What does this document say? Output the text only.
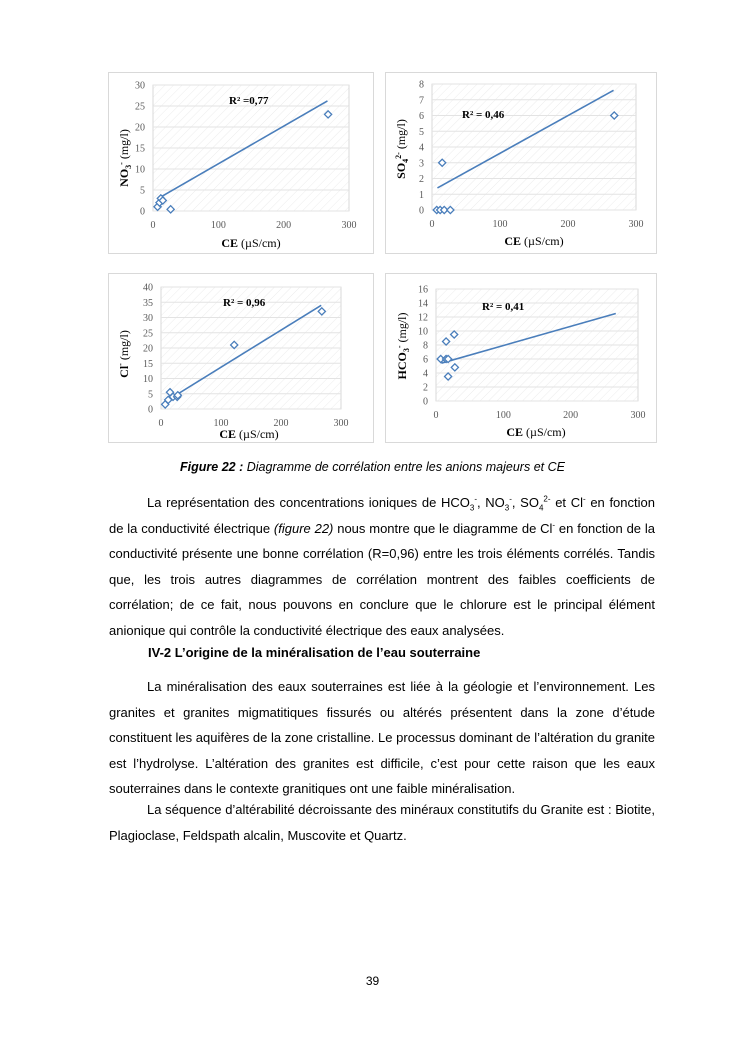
0
5
10
15
20
25
30
0	100	200	300
R² =0,77
CE (µS/cm)
$NO_3^-$ (mg/l)
0
1
2
3
4
5
6
7
8
0	100	200	300
R² = 0,46
CE (µS/cm)
$SO_4^{2-}$ (mg/l)
0
5
10
15
20
25
30
35
40
0	100	200	300
R² = 0,96
CE (µS/cm)
Cl- (mg/l)
0
2
4
6
8
10
12
14
16
0	100	200	300
R² = 0,41
CE (µS/cm)
$HCO_3^-$ (mg/l)
Figure 22 : Diagramme de corrélation entre les anions majeurs et CE

La représentation des concentrations ioniques de $HCO_3^-$, $NO_3^-$, $SO_4^{2-}$ et Cl- en fonction de la conductivité électrique (figure 22) nous montre que le diagramme de Cl- en fonction de la conductivité présente une bonne corrélation (R=0,96) entre les trois éléments corrélés. Tandis que, les trois autres diagrammes de corrélation montrent des faibles coefficients de corrélation; de ce fait, nous pouvons en conclure que le chlorure est le principal élément anionique qui contrôle la conductivité électrique des eaux analysées.

IV-2 L’origine de la minéralisation de l’eau souterraine

La minéralisation des eaux souterraines est liée à la géologie et l’environnement. Les granites et granites migmatitiques fissurés ou altérés présentent dans la zone d’étude constituent les aquifères de la zone cristalline. Le processus dominant de l’altération du granite est l’hydrolyse. L’altération des granites est difficile, c’est pour cette raison que les eaux souterraines dans le contexte granitiques ont une faible minéralisation.

La séquence d’altérabilité décroissante des minéraux constitutifs du Granite est : Biotite, Plagioclase, Feldspath alcalin, Muscovite et Quartz.

39
